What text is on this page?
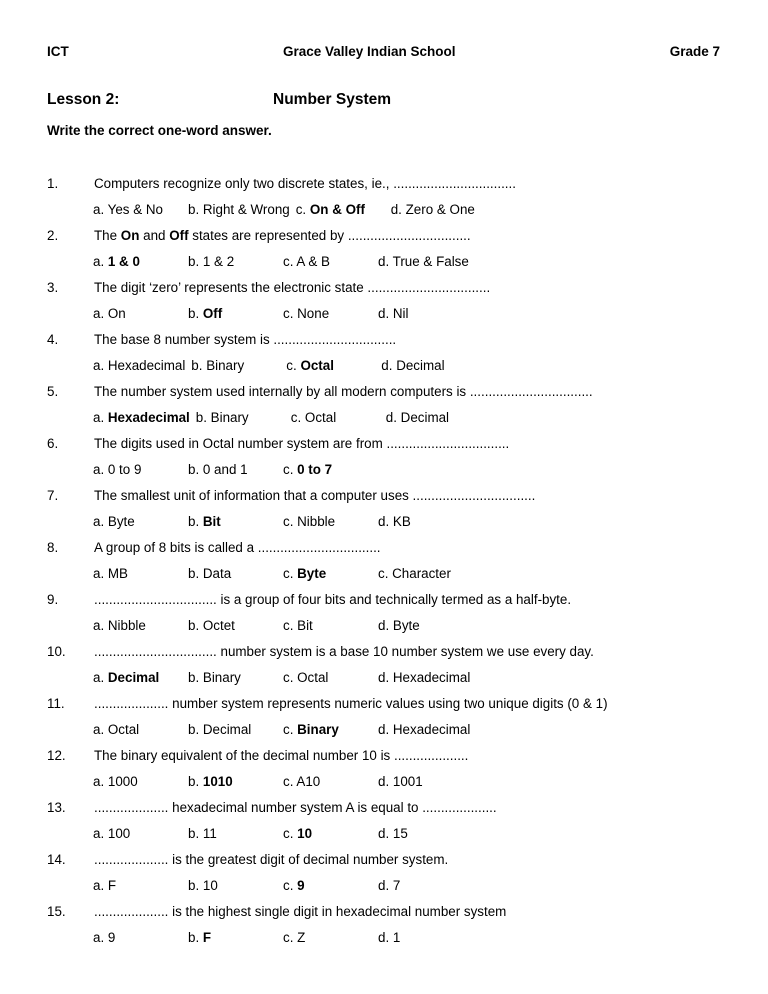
ICT	Grace Valley Indian School	Grade 7
Lesson 2:	Number System
Write the correct one-word answer.
1.	Computers recognize only two discrete states, ie., .................................
a. Yes & No b. Right & Wrong c. On & Off d. Zero & One
2.	The On and Off states are represented by .................................
a. 1 & 0	b. 1 & 2	c. A & B	d. True & False
3.	The digit ‘zero’ represents the electronic state .................................
a. On	b. Off	c. None	d. Nil
4.	The base 8 number system is .................................
a. Hexadecimal b. Binary	c. Octal	d. Decimal
5.	The number system used internally by all modern computers is .................................
a. Hexadecimal b. Binary	c. Octal	d. Decimal
6.	The digits used in Octal number system are from .................................
a. 0 to 9	b. 0 and 1	c. 0 to 7
7.	The smallest unit of information that a computer uses .................................
a. Byte	b. Bit	c. Nibble	d. KB
8.	A group of 8 bits is called a .................................
a. MB	b. Data	c. Byte	c. Character
9.	................................. is a group of four bits and technically termed as a half-byte.
a. Nibble	b. Octet	c. Bit	d. Byte
10.	................................. number system is a base 10 number system we use every day.
a. Decimal b. Binary	c. Octal	d. Hexadecimal
11.	.................... number system represents numeric values using two unique digits (0 & 1)
a. Octal	b. Decimal c. Binary	d. Hexadecimal
12.	The binary equivalent of the decimal number 10 is ....................
a. 1000	b. 1010	c. A10	d. 1001
13.	.................... hexadecimal number system A is equal to ....................
a. 100	b. 11	c. 10	d. 15
14.	.................... is the greatest digit of decimal number system.
a. F	b. 10	c. 9	d. 7
15.	.................... is the highest single digit in hexadecimal number system
a. 9	b. F	c. Z	d. 1
